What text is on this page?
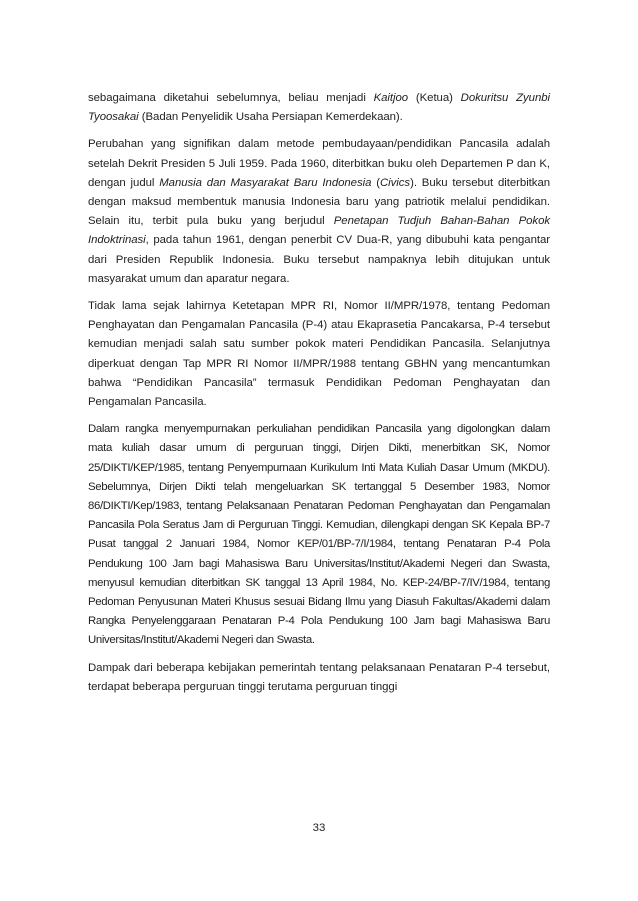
sebagaimana diketahui sebelumnya, beliau menjadi Kaitjoo (Ketua) Dokuritsu Zyunbi Tyoosakai (Badan Penyelidik Usaha Persiapan Kemerdekaan).

Perubahan yang signifikan dalam metode pembudayaan/pendidikan Pancasila adalah setelah Dekrit Presiden 5 Juli 1959. Pada 1960, diterbitkan buku oleh Departemen P dan K, dengan judul Manusia dan Masyarakat Baru Indonesia (Civics). Buku tersebut diterbitkan dengan maksud membentuk manusia Indonesia baru yang patriotik melalui pendidikan. Selain itu, terbit pula buku yang berjudul Penetapan Tudjuh Bahan-Bahan Pokok Indoktrinasi, pada tahun 1961, dengan penerbit CV Dua-R, yang dibubuhi kata pengantar dari Presiden Republik Indonesia. Buku tersebut nampaknya lebih ditujukan untuk masyarakat umum dan aparatur negara.

Tidak lama sejak lahirnya Ketetapan MPR RI, Nomor II/MPR/1978, tentang Pedoman Penghayatan dan Pengamalan Pancasila (P-4) atau Ekaprasetia Pancakarsa, P-4 tersebut kemudian menjadi salah satu sumber pokok materi Pendidikan Pancasila. Selanjutnya diperkuat dengan Tap MPR RI Nomor II/MPR/1988 tentang GBHN yang mencantumkan bahwa “Pendidikan Pancasila” termasuk Pendidikan Pedoman Penghayatan dan Pengamalan Pancasila.

Dalam rangka menyempurnakan perkuliahan pendidikan Pancasila yang digolongkan dalam mata kuliah dasar umum di perguruan tinggi, Dirjen Dikti, menerbitkan SK, Nomor 25/DIKTI/KEP/1985, tentang Penyempurnaan Kurikulum Inti Mata Kuliah Dasar Umum (MKDU). Sebelumnya, Dirjen Dikti telah mengeluarkan SK tertanggal 5 Desember 1983, Nomor 86/DIKTI/Kep/1983, tentang Pelaksanaan Penataran Pedoman Penghayatan dan Pengamalan Pancasila Pola Seratus Jam di Perguruan Tinggi. Kemudian, dilengkapi dengan SK Kepala BP-7 Pusat tanggal 2 Januari 1984, Nomor KEP/01/BP-7/I/1984, tentang Penataran P-4 Pola Pendukung 100 Jam bagi Mahasiswa Baru Universitas/Institut/Akademi Negeri dan Swasta, menyusul kemudian diterbitkan SK tanggal 13 April 1984, No. KEP-24/BP-7/IV/1984, tentang Pedoman Penyusunan Materi Khusus sesuai Bidang Ilmu yang Diasuh Fakultas/Akademi dalam Rangka Penyelenggaraan Penataran P-4 Pola Pendukung 100 Jam bagi Mahasiswa Baru Universitas/Institut/Akademi Negeri dan Swasta.

Dampak dari beberapa kebijakan pemerintah tentang pelaksanaan Penataran P-4 tersebut, terdapat beberapa perguruan tinggi terutama perguruan tinggi

33
